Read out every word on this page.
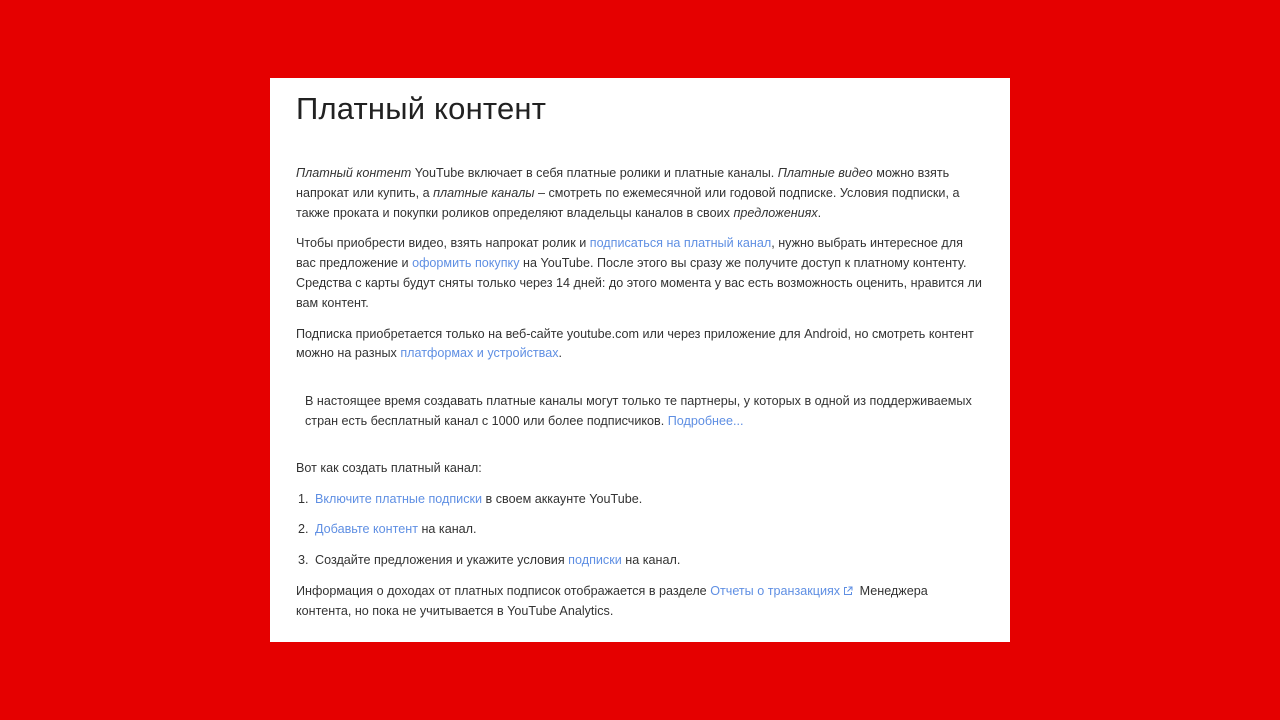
Платный контент

Платный контент YouTube включает в себя платные ролики и платные каналы. Платные видео можно взять напрокат или купить, а платные каналы – смотреть по ежемесячной или годовой подписке. Условия подписки, а также проката и покупки роликов определяют владельцы каналов в своих предложениях.

Чтобы приобрести видео, взять напрокат ролик и подписаться на платный канал, нужно выбрать интересное для вас предложение и оформить покупку на YouTube. После этого вы сразу же получите доступ к платному контенту. Средства с карты будут сняты только через 14 дней: до этого момента у вас есть возможность оценить, нравится ли вам контент.

Подписка приобретается только на веб-сайте youtube.com или через приложение для Android, но смотреть контент можно на разных платформах и устройствах.

В настоящее время создавать платные каналы могут только те партнеры, у которых в одной из поддерживаемых стран есть бесплатный канал с 1000 или более подписчиков. Подробнее...

Вот как создать платный канал:

1. Включите платные подписки в своем аккаунте YouTube.
2. Добавьте контент на канал.
3. Создайте предложения и укажите условия подписки на канал.

Информация о доходах от платных подписок отображается в разделе Отчеты о транзакциях Менеджера контента, но пока не учитывается в YouTube Analytics.
